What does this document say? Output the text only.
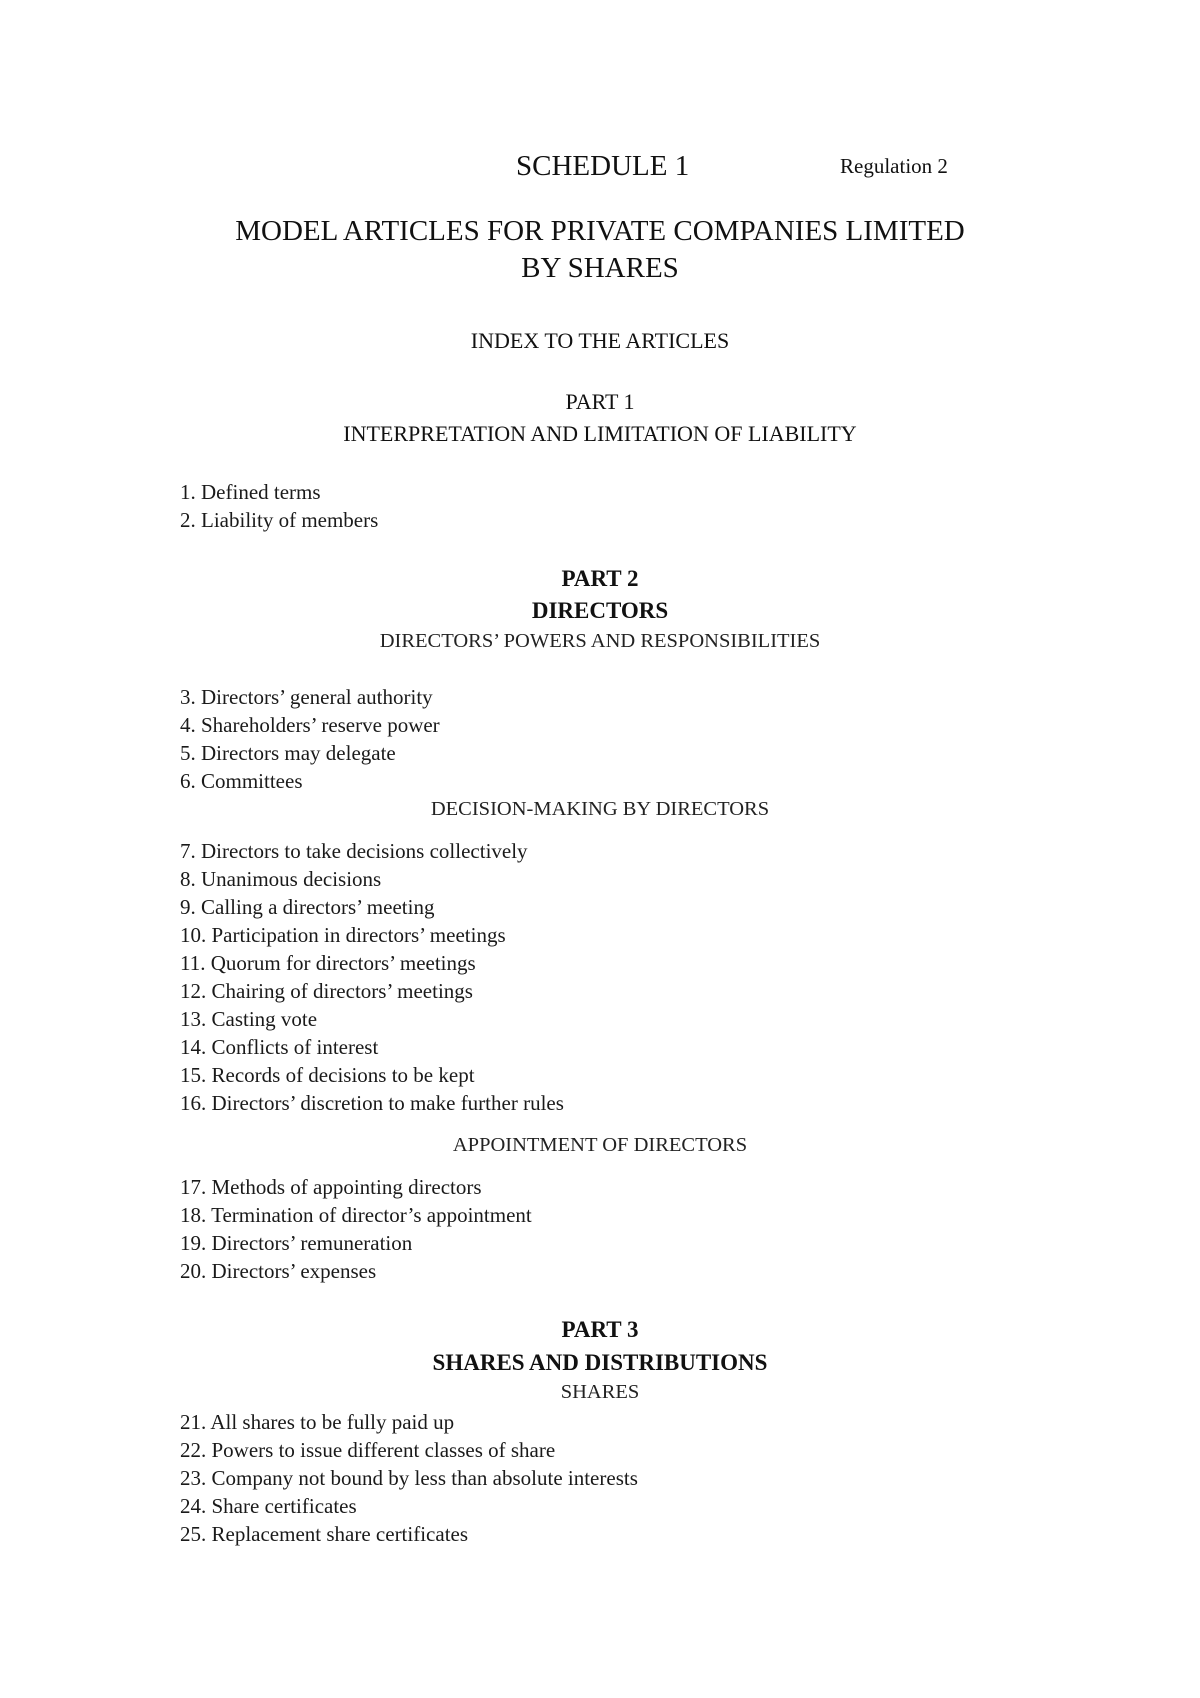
SCHEDULE 1	Regulation 2
MODEL ARTICLES FOR PRIVATE COMPANIES LIMITED
BY SHARES
INDEX TO THE ARTICLES
PART 1
INTERPRETATION AND LIMITATION OF LIABILITY
1. Defined terms
2. Liability of members
PART 2
DIRECTORS
DIRECTORS’ POWERS AND RESPONSIBILITIES
3. Directors’ general authority
4. Shareholders’ reserve power
5. Directors may delegate
6. Committees
DECISION-MAKING BY DIRECTORS
7. Directors to take decisions collectively
8. Unanimous decisions
9. Calling a directors’ meeting
10. Participation in directors’ meetings
11. Quorum for directors’ meetings
12. Chairing of directors’ meetings
13. Casting vote
14. Conflicts of interest
15. Records of decisions to be kept
16. Directors’ discretion to make further rules
APPOINTMENT OF DIRECTORS
17. Methods of appointing directors
18. Termination of director’s appointment
19. Directors’ remuneration
20. Directors’ expenses
PART 3
SHARES AND DISTRIBUTIONS
SHARES
21. All shares to be fully paid up
22. Powers to issue different classes of share
23. Company not bound by less than absolute interests
24. Share certificates
25. Replacement share certificates
